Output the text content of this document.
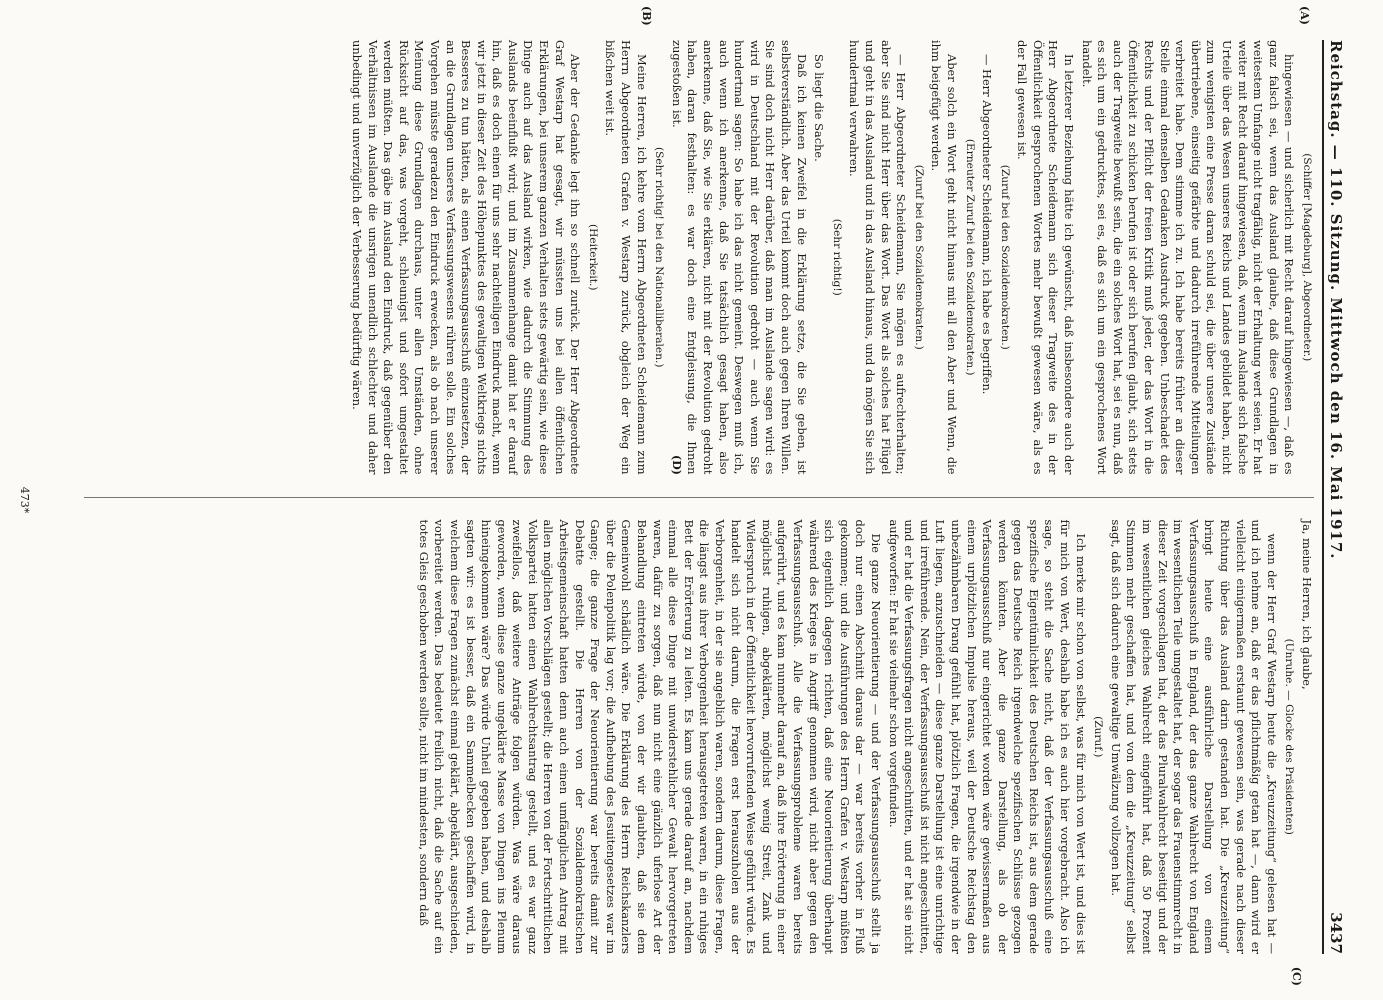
Reichstag. — 110. Sitzung. Mittwoch den 16. Mai 1917.
3437
(A)
(B)

(Schiffer [Magdeburg], Abgeordneter.)

hingewiesen — und sicherlich mit Recht darauf hingewiesen —, daß es ganz falsch sei, wenn das Ausland glaube, daß diese Grundlagen in weitestem Umfange nicht tragfähig, nicht der Erhaltung wert seien. Er hat weiter mit Recht darauf hingewiesen, daß, wenn im Auslande sich falsche Urteile über das Wesen unseres Reichs und Landes gebildet haben, nicht zum wenigsten eine Presse daran schuld sei, die über unsere Zustände übertriebene, einseitig gefärbte und dadurch irreführende Mitteilungen verbreitet habe. Dem stimme ich zu. Ich habe bereits früher an dieser Stelle einmal denselben Gedanken Ausdruck gegeben. Unbeschadet des Rechts und der Pflicht der freien Kritik muß jeder, der das Wort in die Öffentlichkeit zu schicken berufen ist oder sich berufen glaubt, sich stets auch der Tragweite bewußt sein, die ein solches Wort hat, sei es nun, daß es sich um ein gedrucktes, sei es, daß es sich um ein gesprochenes Wort handelt.

In letzterer Beziehung hätte ich gewünscht, daß insbesondere auch der Herr Abgeordnete Scheidemann sich dieser Tragweite des in der Öffentlichkeit gesprochenen Wortes mehr bewußt gewesen wäre, als es der Fall gewesen ist.

(Zuruf bei den Sozialdemokraten.)

— Herr Abgeordneter Scheidemann, ich habe es begriffen.

(Erneuter Zuruf bei den Sozialdemokraten.)

Aber solch ein Wort geht nicht hinaus mit all den Aber und Wenn, die ihm beigefügt werden.

(Zuruf bei den Sozialdemokraten.)

— Herr Abgeordneter Scheidemann, Sie mögen es aufrechterhalten; aber Sie sind nicht Herr über das Wort. Das Wort als solches hat Flügel und geht in das Ausland und in das Ausland hinaus, und da mögen Sie sich hundertmal verwahren.

(Sehr richtig!)

So liegt die Sache.

Daß ich keinen Zweifel in die Erklärung setze, die Sie geben, ist selbstverständlich. Aber das Urteil kommt doch auch gegen Ihren Willen. Sie sind doch nicht Herr darüber, daß man im Auslande sagen wird: es wird in Deutschland mit der Revolution gedroht — auch wenn Sie hundertmal sagen: So habe ich das nicht gemeint. Deswegen muß ich, auch wenn ich anerkenne, daß Sie tatsächlich gesagt haben, also anerkenne, daß Sie, wie Sie erklären, nicht mit der Revolution gedroht haben, daran festhalten: es war doch eine Entgleisung, die Ihnen zugestoßen ist.

(Sehr richtig! bei den Nationalliberalen.)

Meine Herren, ich kehre vom Herrn Abgeordneten Scheidemann zum Herrn Abgeordneten Grafen v. Westarp zurück, obgleich der Weg ein bißchen weit ist.

(Heiterkeit.)

Aber der Gedanke legt ihn so schnell zurück. Der Herr Abgeordnete Graf Westarp hat gesagt, wir müssten uns bei allen öffentlichen Erklärungen, bei unserem ganzen Verhalten stets gewärtig sein, wie diese Dinge auch auf das Ausland wirken, wie dadurch die Stimmung des Auslands beeinflußt wird; und im Zusammenhange damit hat er darauf hin, daß es doch einen für uns sehr nachteiligen Eindruck macht, wenn wir jetzt in dieser Zeit des Höhepunktes des gewaltigen Weltkriegs nichts Besseres zu tun hätten, als einen Verfassungsausschuß einzusetzen, der an die Grundlagen unseres Verfassungswesens rühren solle. Ein solches Vorgehen müsste geradezu den Eindruck erwecken, als ob nach unserer Meinung diese Grundlagen durchaus, unter allen Umständen, ohne Rücksicht auf das, was vorgeht, schleunigst und sofort umgestaltet werden müßten. Das gäbe im Ausland den Eindruck, daß gegenüber den Verhältnissen im Auslande die unsrigen unendlich schlechter und daher unbedingt und unverzüglich der Verbesserung bedürftig wären.

Ja, meine Herren, ich glaube,

(Unruhe. — Glocke des Präsidenten)

wenn der Herr Graf Westarp heute die „Kreuzzeitung“ gelesen hat — und ich nehme an, daß er das pflichtmäßig getan hat —, dann wird er vielleicht einigermaßen erstaunt gewesen sein, was gerade nach dieser Richtung über das Ausland darin gestanden hat. Die „Kreuzzeitung“ bringt heute eine ausführliche Darstellung von einem Verfassungsausschuß in England, der das ganze Wahlrecht von England im wesentlichen Teile umgestaltet hat, der sogar das Frauenstimmrecht in dieser Zeit vorgeschlagen hat, der das Pluralwahlrecht beseitigt und der im wesentlichen gleiches Wahlrecht eingeführt hat, daß 50 Prozent Stimmen mehr geschaffen hat, und von dem die „Kreuzzeitung“ selbst sagt, daß sich dadurch eine gewaltige Umwälzung vollzogen hat.

(Zuruf.)

Ich merke mir schon von selbst, was für mich von Wert ist, und dies ist für mich von Wert, deshalb habe ich es auch hier vorgebracht. Also ich sage, so steht die Sache nicht, daß der Verfassungsausschuß eine spezifische Eigentümlichkeit des Deutschen Reichs ist, aus dem gerade gegen das Deutsche Reich irgendwelche spezifischen Schlüsse gezogen werden könnten. Aber die ganze Darstellung, als ob der Verfassungsausschuß nur eingerichtet worden wäre gewissermaßen aus einem urplötzlichen Impulse heraus, weil der Deutsche Reichstag den unbezähmbaren Drang gefühlt hat, plötzlich Fragen, die irgendwie in der Luft liegen, anzuschneiden — diese ganze Darstellung ist eine unrichtige und irreführende. Nein, der Verfassungsausschuß ist nicht angeschnitten, und er hat die Verfassungsfragen nicht angeschnitten, und er hat sie nicht aufgeworfen: Er hat sie vielmehr schon vorgefunden.

Die ganze Neuorientierung — und der Verfassungsausschuß stellt ja doch nur einen Abschnitt daraus dar — war bereits vorher in Fluß gekommen; und die Ausführungen des Herrn Grafen v. Westarp müßten sich eigentlich dagegen richten, daß eine Neuorientierung überhaupt während des Krieges in Angriff genommen wird, nicht aber gegen den Verfassungsausschuß. Alle die Verfassungsprobleme waren bereits aufgerührt, und es kam nunmehr darauf an, daß ihre Erörterung in einer möglichst ruhigen, abgeklärten, möglichst wenig Streit, Zank und Widerspruch in der Öffentlichkeit hervorrufenden Weise geführt würde. Es handelt sich nicht darum, die Fragen erst herauszuholen aus der Verborgenheit, in der sie angeblich waren, sondern darum, diese Fragen, die längst aus ihrer Verborgenheit herausgetreten waren, in ein ruhiges Bett der Erörterung zu leiten. Es kam uns gerade darauf an, nachdem einmal alle diese Dinge mit unwiderstehlicher Gewalt hervorgetreten waren, dafür zu sorgen, daß nun nicht eine gänzlich uferlose Art der Behandlung eintreten würde, von der wir glaubten, daß sie dem Gemeinwohl schädlich wäre. Die Erklärung des Herrn Reichskanzlers über die Polenpolitik lag vor; die Aufhebung des Jesuitengesetzes war im Gange; die ganze Frage der Neuorientierung war bereits damit zur Debatte gestellt. Die Herren von der Sozialdemokratischen Arbeitsgemeinschaft hatten denn auch einen umfänglichen Antrag mit allen möglichen Vorschlägen gestellt; die Herren von der Fortschrittlichen Volkspartei hatten einen Wahlrechtsantrag gestellt, und es war ganz zweifellos, daß weitere Anträge folgen würden. Was wäre daraus geworden, wenn diese ganze ungeklärte Masse von Dingen ins Plenum hineingekommen wäre? Das würde Unheil gegeben haben, und deshalb sagten wir: es ist besser, daß ein Sammelbecken geschaffen wird, in welchem diese Fragen zunächst einmal geklärt, abgeklärt, ausgeschieden, vorbereitet werden. Das bedeutet freilich nicht, daß die Sache auf ein totes Gleis geschoben werden sollte, nicht im mindesten, sondern daß

(C)
(D)
473*
